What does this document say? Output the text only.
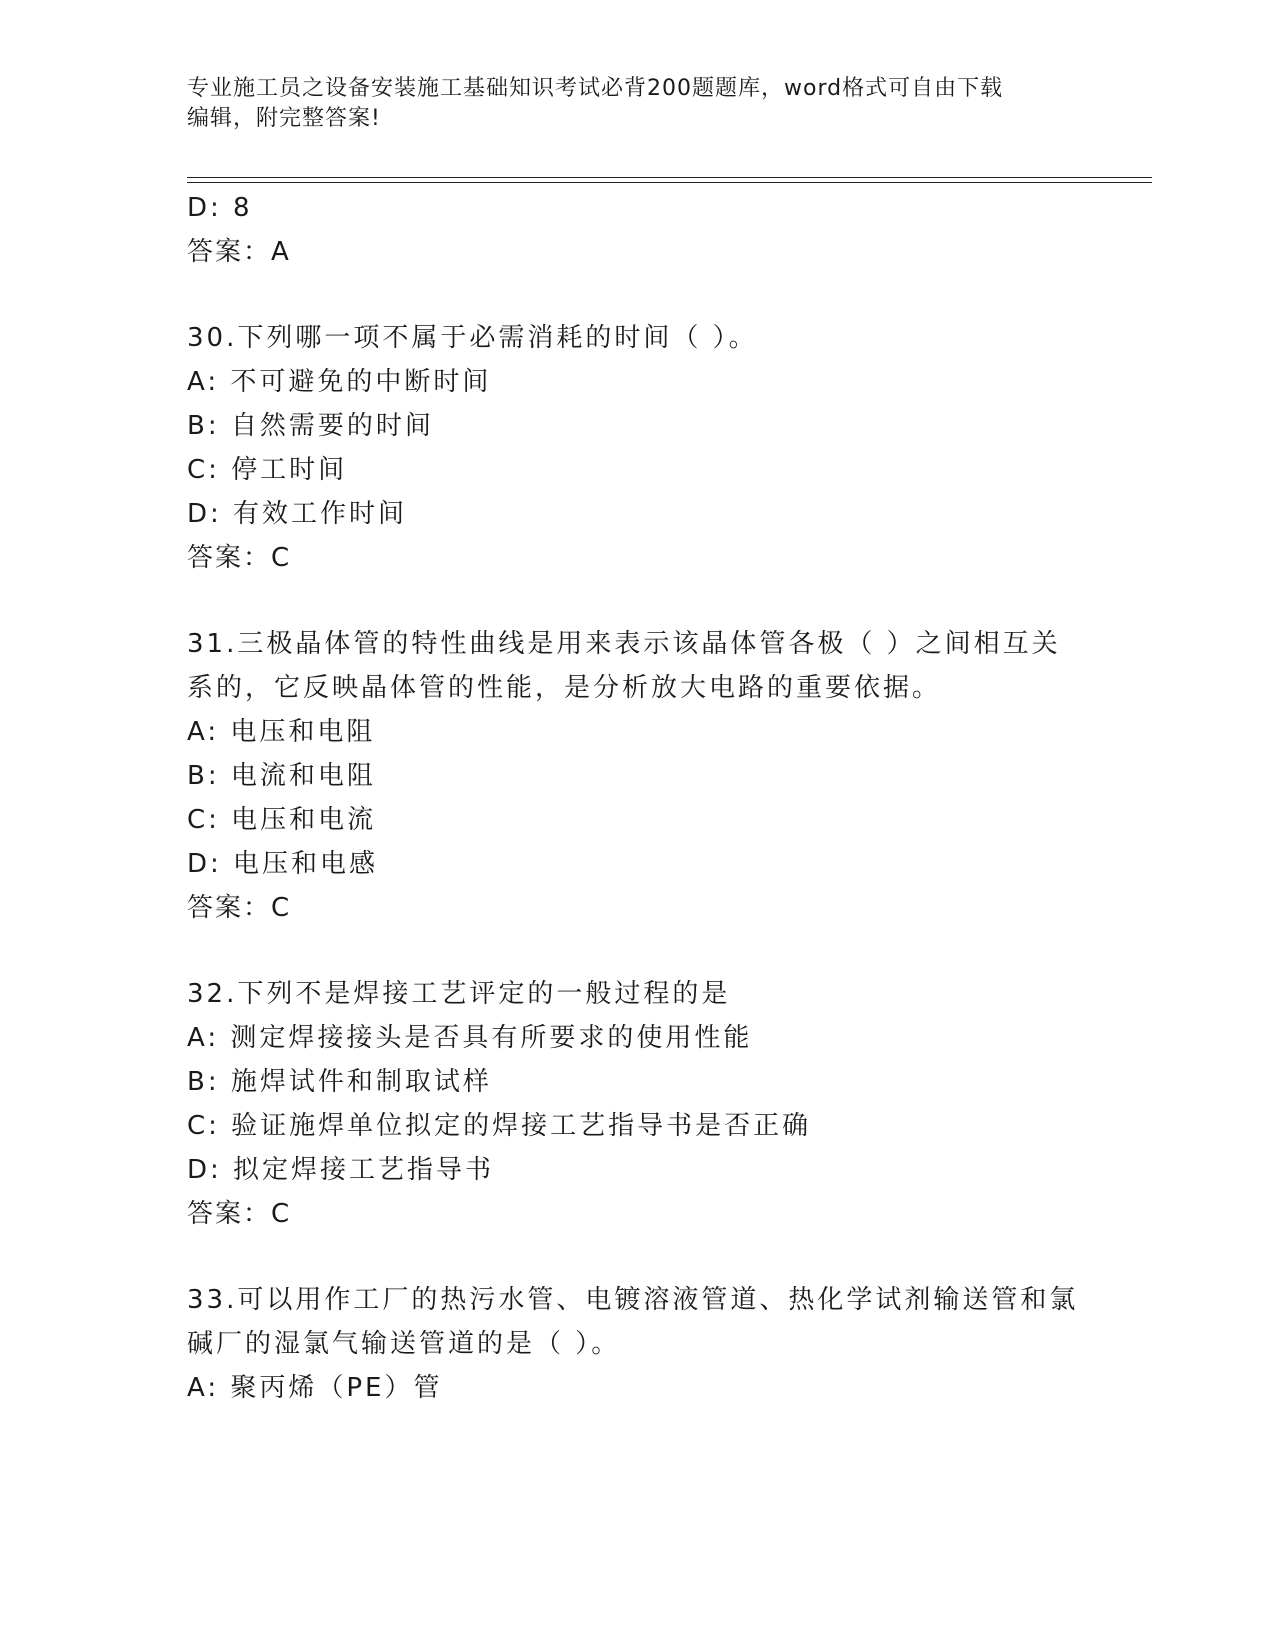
专业施工员之设备安装施工基础知识考试必背200题题库，word格式可自由下载
编辑，附完整答案!
D: 8
答案：A
30.下列哪一项不属于必需消耗的时间（ ）。
A: 不可避免的中断时间
B: 自然需要的时间
C: 停工时间
D: 有效工作时间
答案：C
31.三极晶体管的特性曲线是用来表示该晶体管各极（ ）之间相互关
系的，它反映晶体管的性能，是分析放大电路的重要依据。
A: 电压和电阻
B: 电流和电阻
C: 电压和电流
D: 电压和电感
答案：C
32.下列不是焊接工艺评定的一般过程的是
A: 测定焊接接头是否具有所要求的使用性能
B: 施焊试件和制取试样
C: 验证施焊单位拟定的焊接工艺指导书是否正确
D: 拟定焊接工艺指导书
答案：C
33.可以用作工厂的热污水管、电镀溶液管道、热化学试剂输送管和氯
碱厂的湿氯气输送管道的是（ ）。
A: 聚丙烯（PE）管
